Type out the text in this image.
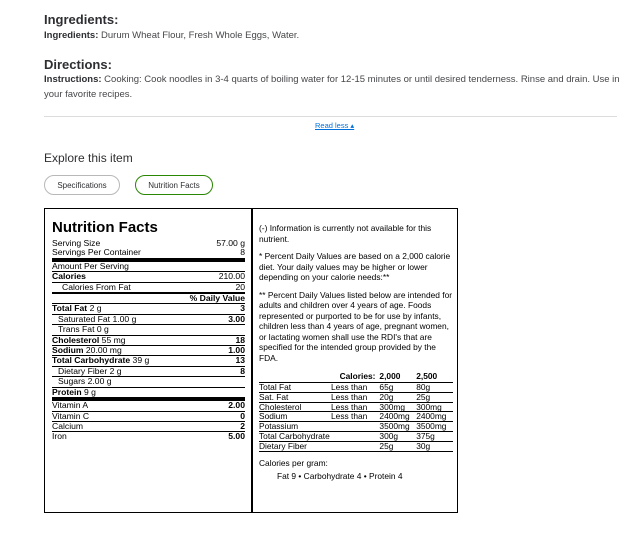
Ingredients:
Ingredients: Durum Wheat Flour, Fresh Whole Eggs, Water.
Directions:
Instructions: Cooking: Cook noodles in 3-4 quarts of boiling water for 12-15 minutes or until desired tenderness. Rinse and drain. Use in your favorite recipes.
Read less ▴
Explore this item
Specifications	Nutrition Facts
Nutrition Facts
Serving Size	57.00 g
Servings Per Container	8
Amount Per Serving
Calories	210.00
Calories From Fat	20
% Daily Value
Total Fat 2 g	3
Saturated Fat 1.00 g	3.00
Trans Fat 0 g
Cholesterol 55 mg	18
Sodium 20.00 mg	1.00
Total Carbohydrate 39 g	13
Dietary Fiber 2 g	8
Sugars 2.00 g
Protein 9 g
Vitamin A	2.00
Vitamin C	0
Calcium	2
Iron	5.00

(-) Information is currently not available for this nutrient.

* Percent Daily Values are based on a 2,000 calorie diet. Your daily values may be higher or lower depending on your calorie needs:**

** Percent Daily Values listed below are intended for adults and children over 4 years of age. Foods represented or purported to be for use by infants, children less than 4 years of age, pregnant women, or lactating women shall use the RDI's that are specified for the intended group provided by the FDA.

	Calories:	2,000	2,500
Total Fat	Less than	65g	80g
Sat. Fat	Less than	20g	25g
Cholesterol	Less than	300mg	300mg
Sodium	Less than	2400mg	2400mg
Potassium		3500mg	3500mg
Total Carbohydrate		300g	375g
Dietary Fiber		25g	30g
Calories per gram:
Fat 9 • Carbohydrate 4 • Protein 4
